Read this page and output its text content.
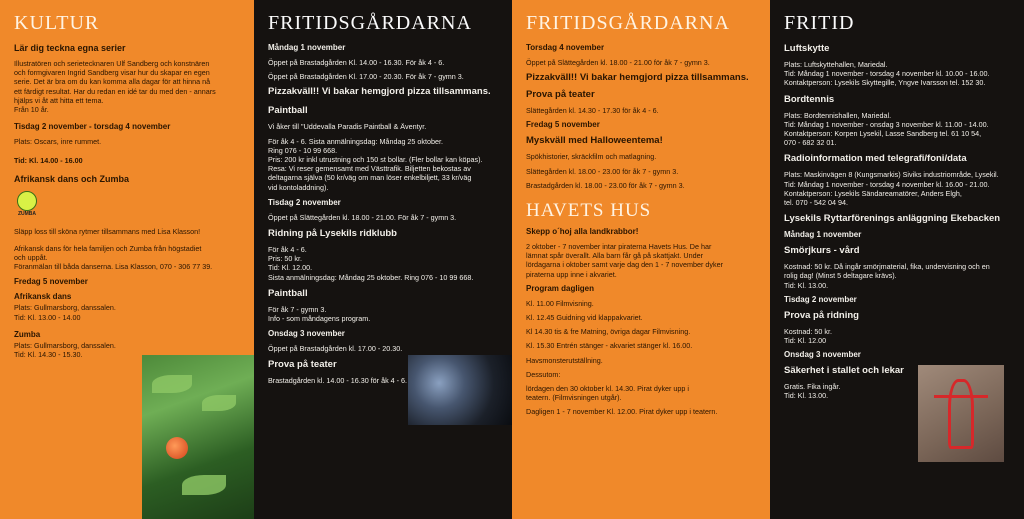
KULTUR
Lär dig teckna egna serier
Illustratören och serietecknaren Ulf Sandberg och konstnären
och formgivaren Ingrid Sandberg visar hur du skapar en egen
serie. Det är bra om du kan komma alla dagar för att hinna nå
ett färdigt resultat. Har du redan en idé tar du med den - annars
hjälps vi åt att hitta ett tema.
Från 10 år.
Tisdag 2 november - torsdag 4 november
Plats: Oscars, inre rummet.
Tid: Kl. 14.00 - 16.00
Afrikansk dans och Zumba
ZUMBA
Släpp loss till sköna rytmer tillsammans med Lisa Klasson!
Afrikansk dans för hela familjen och Zumba från högstadiet
och uppåt.
Föranmälan till båda danserna. Lisa Klasson, 070 - 306 77 39.
Fredag 5 november
Afrikansk dans
Plats: Gullmarsborg, danssalen.
Tid: Kl. 13.00 - 14.00
Zumba
Plats: Gullmarsborg, danssalen.
Tid: Kl. 14.30 - 15.30.
FRITIDSGÅRDARNA
Måndag 1 november
Öppet på Brastadgården Kl. 14.00 - 16.30. För åk 4 - 6.
Öppet på Brastadgården Kl. 17.00 - 20.30. För åk 7 - gymn 3.
Pizzakväll!! Vi bakar hemgjord pizza tillsammans.
Paintball
Vi åker till "Uddevalla Paradis Paintball & Äventyr.
För åk 4 - 6. Sista anmälningsdag: Måndag 25 oktober.
Ring 076 - 10 99 668.
Pris: 200 kr inkl utrustning och 150 st bollar. (Fler bollar kan köpas).
Resa: Vi reser gemensamt med Västtrafik. Biljetten bekostas av
deltagarna själva (50 kr/väg om man löser enkelbiljett, 33 kr/väg
vid kontoladdning).
Tisdag 2 november
Öppet på Slättegården kl. 18.00 - 21.00. För åk 7 - gymn 3.
Ridning på Lysekils ridklubb
För åk 4 - 6.
Pris: 50 kr.
Tid: Kl. 12.00.
Sista anmälningsdag: Måndag 25 oktober. Ring 076 - 10 99 668.
Paintball
För åk 7 - gymn 3.
Info - som måndagens program.
Onsdag 3 november
Öppet på Brastadgården kl. 17.00 - 20.30.
Prova på teater
Brastadgården kl. 14.00 - 16.30 för åk 4 - 6.
FRITIDSGÅRDARNA
Torsdag 4 november
Öppet på Slättegården kl. 18.00 - 21.00 för åk 7 - gymn 3.
Pizzakväll!! Vi bakar hemgjord pizza tillsammans.
Prova på teater
Slättegården kl. 14.30 - 17.30 för åk 4 - 6.
Fredag 5 november
Myskväll med Halloweentema!
Spökhistorier, skräckfilm och matlagning.
Slättegården kl. 18.00 - 23.00 för åk 7 - gymn 3.
Brastadgården kl. 18.00 - 23.00 för åk 7 - gymn 3.
HAVETS HUS
Skepp o´hoj alla landkrabbor!
2 oktober - 7 november intar piraterna Havets Hus. De har
lämnat spår överallt. Alla barn får gå på skattjakt. Under
lördagarna i oktober samt varje dag den 1 - 7 november dyker
piraterna upp inne i akvariet.
Program dagligen
Kl. 11.00 Filmvisning.
Kl. 12.45 Guidning vid klappakvariet.
Kl 14.30 tis & fre Matning, övriga dagar Filmvisning.
Kl. 15.30 Entrén stänger - akvariet stänger kl. 16.00.
Havsmonsterutställning.
Dessutom:
lördagen den 30 oktober kl. 14.30. Pirat dyker upp i
teatern. (Filmvisningen utgår).
Dagligen 1 - 7 november Kl. 12.00. Pirat dyker upp i teatern.
FRITID
Luftskytte
Plats: Luftskyttehallen, Mariedal.
Tid: Måndag 1 november - torsdag 4 november kl. 10.00 - 16.00.
Kontaktperson: Lysekils Skyttegille, Yngve Ivarsson tel. 152 30.
Bordtennis
Plats: Bordtennishallen, Mariedal.
Tid: Måndag 1 november - onsdag 3 november kl. 11.00 - 14.00.
Kontaktperson: Korpen Lysekil, Lasse Sandberg tel. 61 10 54,
070 - 682 32 01.
Radioinformation med telegrafi/foni/data
Plats: Maskinvägen 8 (Kungsmarkis) Siviks industriområde, Lysekil.
Tid: Måndag 1 november - torsdag 4 november kl. 16.00 - 21.00.
Kontaktperson: Lysekils Sändareamatörer, Anders Elgh,
tel. 070 - 542 04 94.
Lysekils Ryttarförenings anläggning Ekebacken
Måndag 1 november
Smörjkurs - vård
Kostnad: 50 kr. Då ingår smörjmaterial, fika, undervisning och en
rolig dag! (Minst 5 deltagare krävs).
Tid: Kl. 13.00.
Tisdag 2 november
Prova på ridning
Kostnad: 50 kr.
Tid: Kl. 12.00
Onsdag 3 november
Säkerhet i stallet och lekar
Gratis. Fika ingår.
Tid: Kl. 13.00.
